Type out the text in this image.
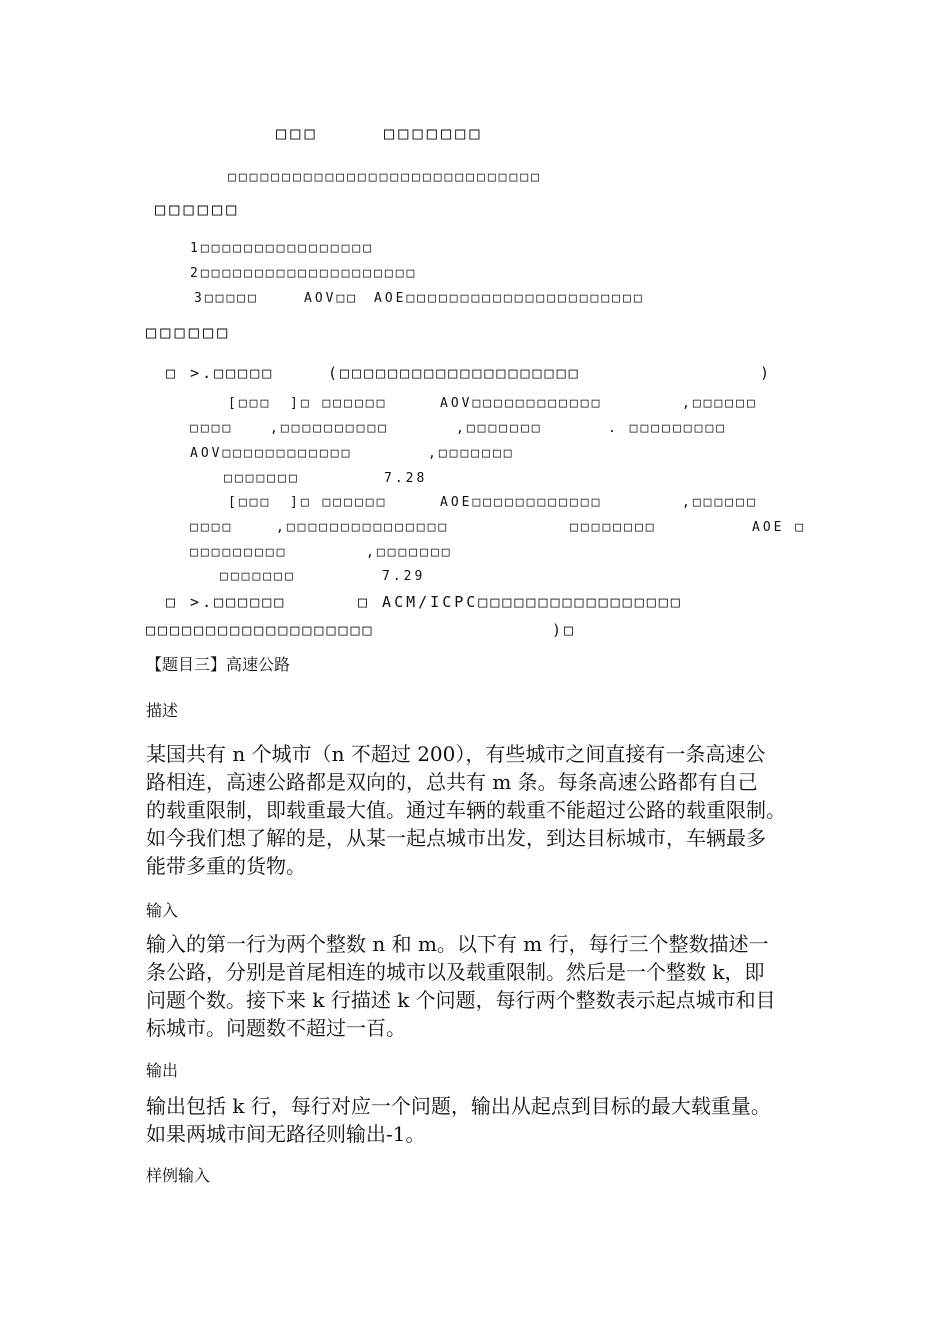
□□□	□□□□□□□
□□□□□□□□□□□□□□□□□□□□□□□□□□□□□
□□□□□□
1□□□□□□□□□□□□□□□□
2□□□□□□□□□□□□□□□□□□□□
3□□□□□	AOV□□ AOE□□□□□□□□□□□□□□□□□□□□□□
□□□□□□
□ >.□□□□□	(□□□□□□□□□□□□□□□□□□□□	)
[□□□ ]□ □□□□□□	AOV□□□□□□□□□□□□	,□□□□□□
□□□□	,□□□□□□□□□□	,□□□□□□□	. □□□□□□□□□
AOV□□□□□□□□□□□□	,□□□□□□□
□□□□□□□	7.28
[□□□ ]□ □□□□□□	AOE□□□□□□□□□□□□	,□□□□□□
□□□□	,□□□□□□□□□□□□□□□	□□□□□□□□	AOE □
□□□□□□□□□	,□□□□□□□
□□□□□□□	7.29
□ >.□□□□□□	□ ACM/ICPC□□□□□□□□□□□□□□□□□
□□□□□□□□□□□□□□□□□□□	)□
【题目三】高速公路
描述
某国共有 n 个城市（n 不超过 200），有些城市之间直接有一条高速公
路相连，高速公路都是双向的，总共有 m 条。每条高速公路都有自己
的载重限制，即载重最大值。通过车辆的载重不能超过公路的载重限制。
如今我们想了解的是，从某一起点城市出发，到达目标城市，车辆最多
能带多重的货物。
输入
输入的第一行为两个整数 n 和 m。以下有 m 行，每行三个整数描述一
条公路，分别是首尾相连的城市以及载重限制。然后是一个整数 k，即
问题个数。接下来 k 行描述 k 个问题，每行两个整数表示起点城市和目
标城市。问题数不超过一百。
输出
输出包括 k 行，每行对应一个问题，输出从起点到目标的最大载重量。
如果两城市间无路径则输出-1。
样例输入
